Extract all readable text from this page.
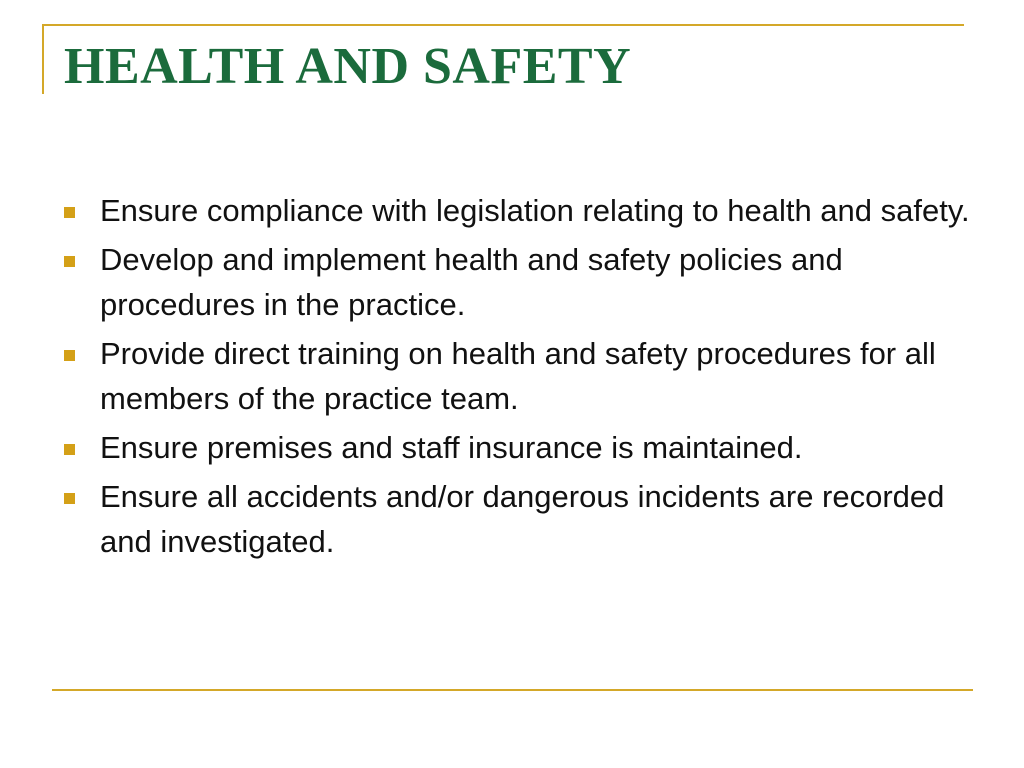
HEALTH AND SAFETY
Ensure compliance with legislation relating to health and safety.
Develop and implement health and safety policies and procedures in the practice.
Provide direct training on health and safety procedures for all members of the practice team.
Ensure premises and staff insurance is maintained.
Ensure all accidents and/or dangerous incidents are recorded and investigated.
